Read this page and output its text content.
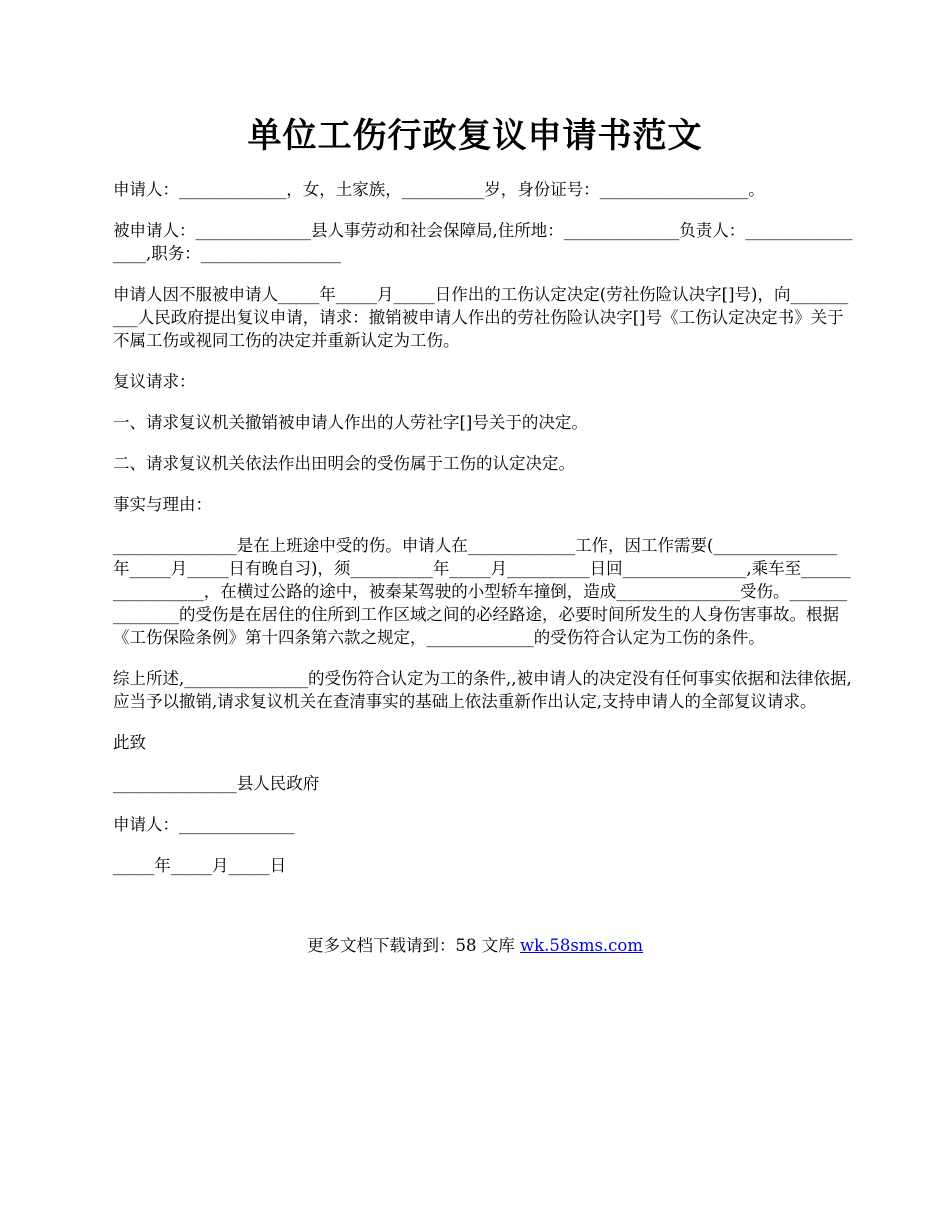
单位工伤行政复议申请书范文

申请人：_____________，女，土家族，__________岁，身份证号：__________________。

被申请人：______________县人事劳动和社会保障局,住所地：______________负责人：_________________,职务：_________________

申请人因不服被申请人_____年_____月_____日作出的工伤认定决定(劳社伤险认决字[]号)，向__________人民政府提出复议申请，请求：撤销被申请人作出的劳社伤险认决字[]号《工伤认定决定书》关于不属工伤或视同工伤的决定并重新认定为工伤。

复议请求：

一、请求复议机关撤销被申请人作出的人劳社字[]号关于的决定。

二、请求复议机关依法作出田明会的受伤属于工伤的认定决定。

事实与理由：

_______________是在上班途中受的伤。申请人在_____________工作，因工作需要(_______________年_____月_____日有晚自习)，须__________年_____月__________日回_______________,乘车至_________________，在横过公路的途中，被秦某驾驶的小型轿车撞倒，造成_______________受伤。_______________的受伤是在居住的住所到工作区域之间的必经路途，必要时间所发生的人身伤害事故。根据《工伤保险条例》第十四条第六款之规定，_____________的受伤符合认定为工伤的条件。

综上所述,_______________的受伤符合认定为工的条件,,被申请人的决定没有任何事实依据和法律依据,应当予以撤销,请求复议机关在查清事实的基础上依法重新作出认定,支持申请人的全部复议请求。

此致

_______________县人民政府

申请人：______________

_____年_____月_____日

更多文档下载请到：58 文库 wk.58sms.com
